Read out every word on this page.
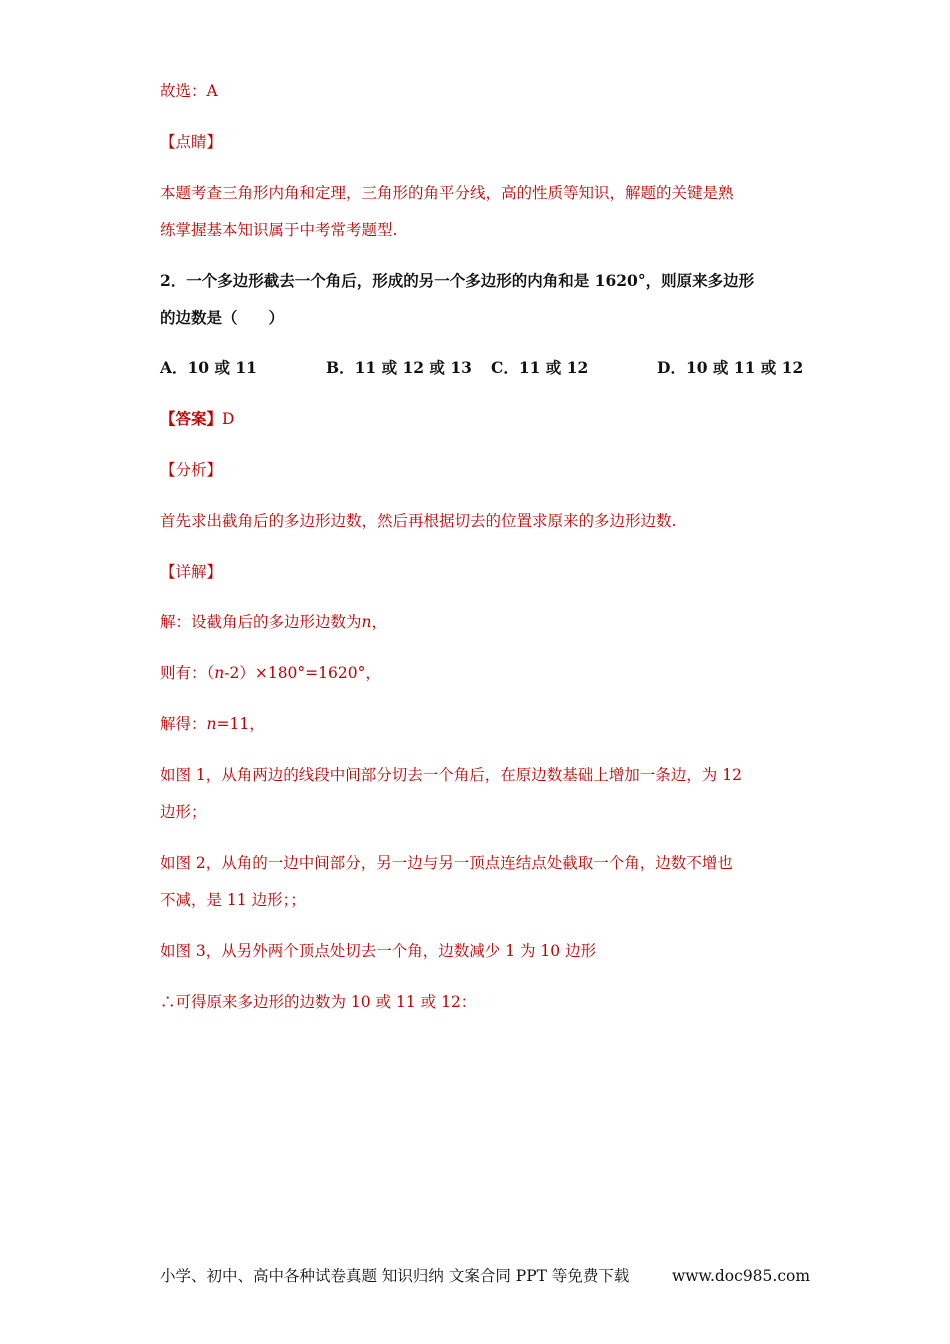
故选：A
【点睛】
本题考查三角形内角和定理，三角形的角平分线，高的性质等知识，解题的关键是熟
练掌握基本知识属于中考常考题型.
2．一个多边形截去一个角后，形成的另一个多边形的内角和是 1620°，则原来多边形
的边数是（　　）
A．10 或 11	B．11 或 12 或 13 C．11 或 12	D．10 或 11 或 12
【答案】D
【分析】
首先求出截角后的多边形边数，然后再根据切去的位置求原来的多边形边数.
【详解】
解：设截角后的多边形边数为n，
则有：（n-2）×180°=1620°，
解得：n=11，
如图 1，从角两边的线段中间部分切去一个角后，在原边数基础上增加一条边，为 12
边形；
如图 2，从角的一边中间部分，另一边与另一顶点连结点处截取一个角，边数不增也
不减，是 11 边形；；
如图 3，从另外两个顶点处切去一个角，边数减少 1 为 10 边形
∴可得原来多边形的边数为 10 或 11 或 12：
小学、初中、高中各种试卷真题 知识归纳 文案合同 PPT 等免费下载	www.doc985.com
